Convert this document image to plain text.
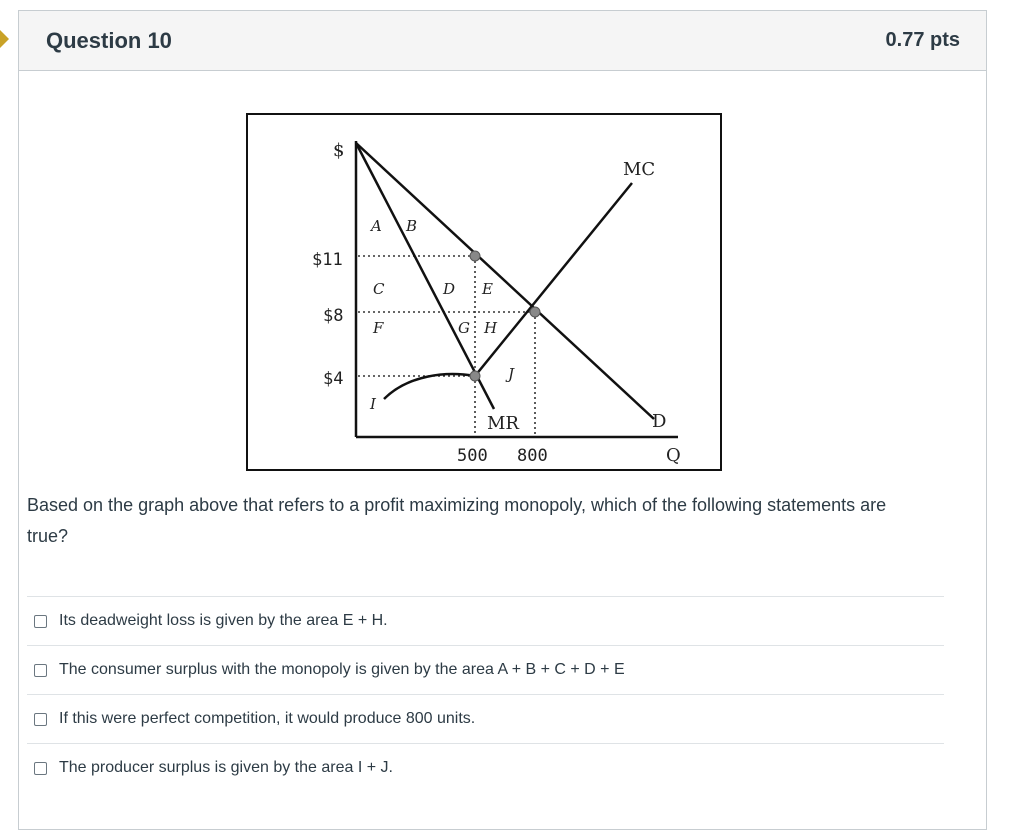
Question 10	0.77 pts
$
Q
$11
$8
$4
500 800
MC
MR	D
A B
C	D E
F	G H
I
J
Based on the graph above that refers to a profit maximizing monopoly, which of the following statements are true?
Its deadweight loss is given by the area E + H.
The consumer surplus with the monopoly is given by the area A + B + C + D + E
If this were perfect competition, it would produce 800 units.
The producer surplus is given by the area I + J.
